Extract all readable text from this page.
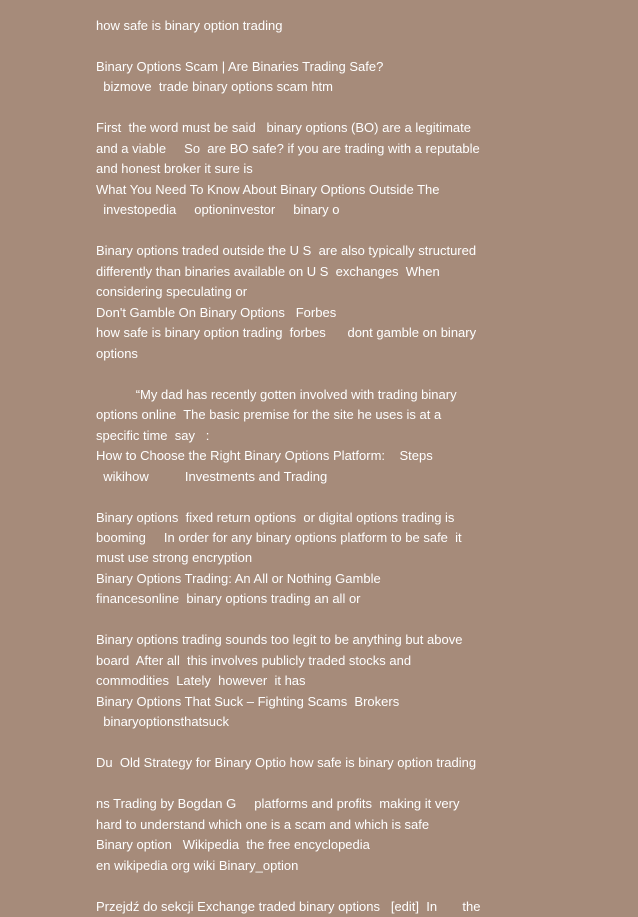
how safe is binary option trading
Binary Options Scam | Are Binaries Trading Safe?
bizmove  trade binary options scam htm
First  the word must be said   binary options (BO) are a legitimate
and a viable     So  are BO safe? if you are trading with a reputable
and honest broker it sure is
What You Need To Know About Binary Options Outside The
investopedia     optioninvestor     binary o
Binary options traded outside the U S  are also typically structured
differently than binaries available on U S  exchanges  When
considering speculating or
Don't Gamble On Binary Options   Forbes
how safe is binary option trading  forbes      dont gamble on binary
options
“My dad has recently gotten involved with trading binary
options online  The basic premise for the site he uses is at a
specific time  say   :
How to Choose the Right Binary Options Platform:    Steps
wikihow          Investments and Trading
Binary options  fixed return options  or digital options trading is
booming     In order for any binary options platform to be safe  it
must use strong encryption
Binary Options Trading: An All or Nothing Gamble
financesonline  binary options trading an all or
Binary options trading sounds too legit to be anything but above
board  After all  this involves publicly traded stocks and
commodities  Lately  however  it has
Binary Options That Suck – Fighting Scams  Brokers
binaryoptionsthatsuck
Du  Old Strategy for Binary Optio how safe is binary option trading
ns Trading by Bogdan G     platforms and profits  making it very
hard to understand which one is a scam and which is safe
Binary option   Wikipedia  the free encyclopedia
en wikipedia org wiki Binary_option
Przejdź do sekcji Exchange traded binary options   [edit]  In       the
